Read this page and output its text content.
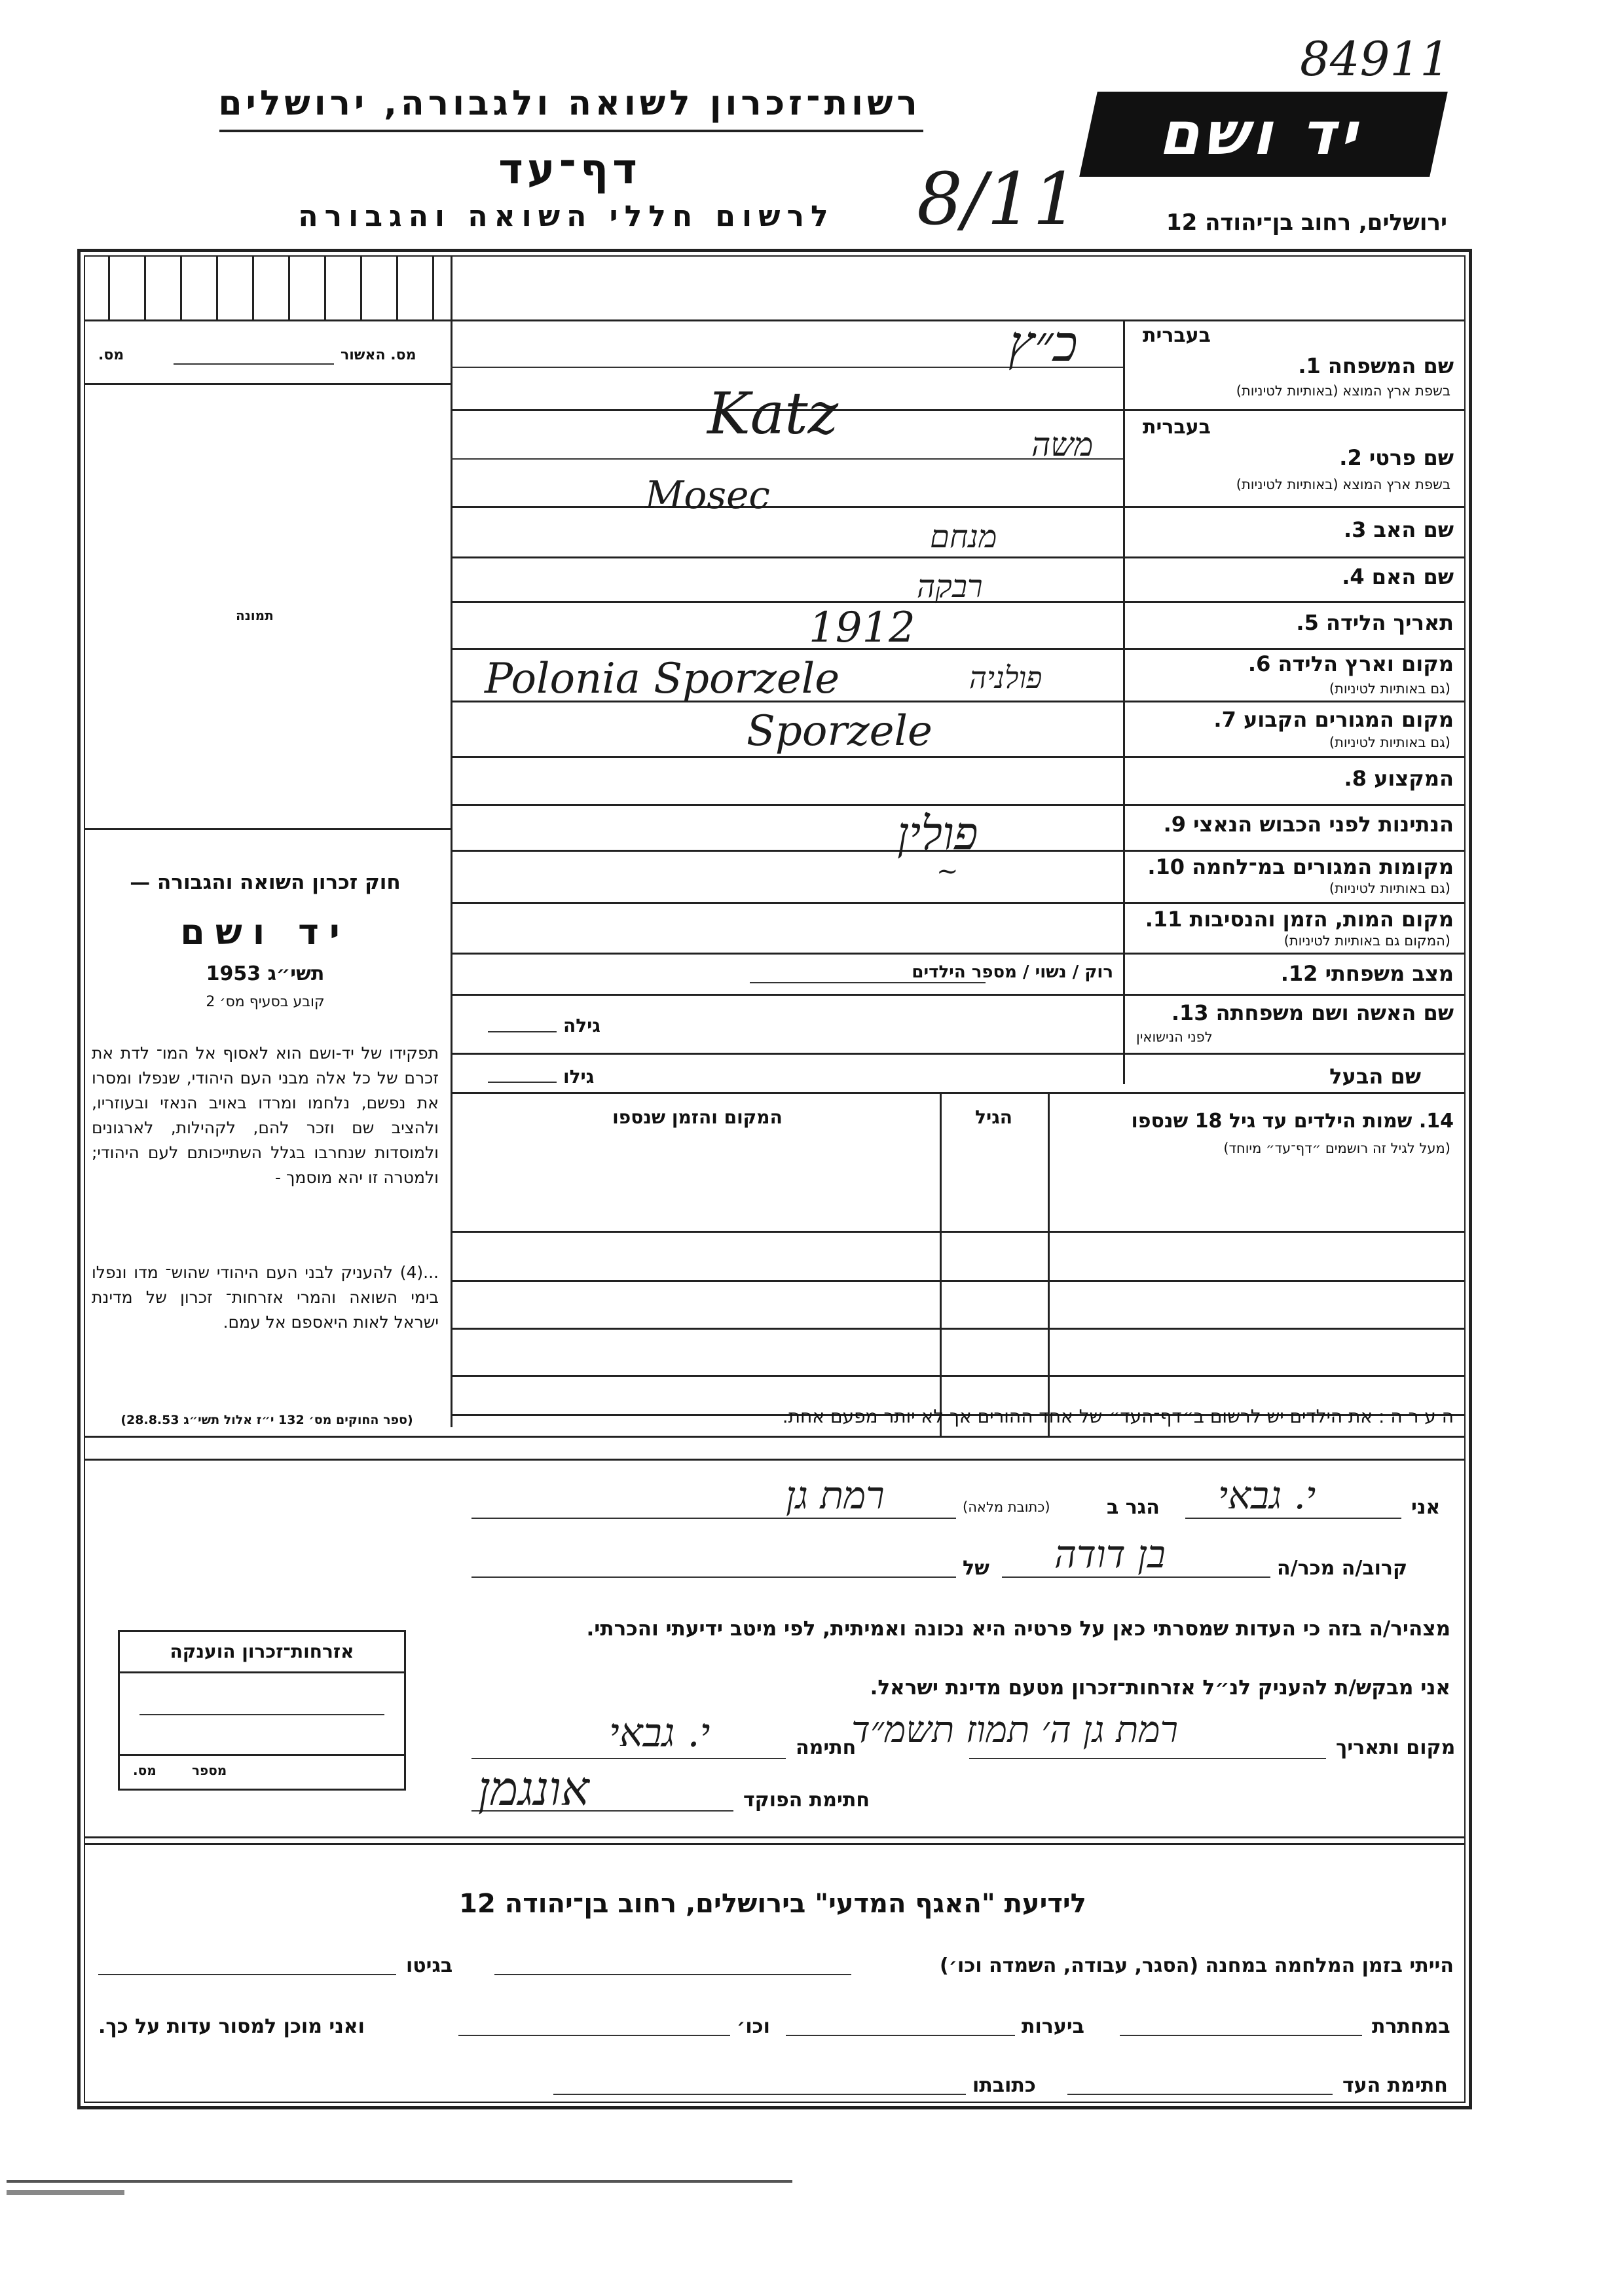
84911
רשות־זכרון לשואה ולגבורה, ירושלים
דף־עד
לרשום חללי השואה והגבורה 8/11
יד ושם
ירושלים, רחוב בן־יהודה 12
מס. האשור
מס.
תמונה
חוק זכרון השואה והגבורה —
יד ושם
תשי״ג 1953
קובע בסעיף מס׳ 2
תפקידו של יד-ושם הוא לאסוף אל המו־ לדת את זכרם של כל אלה מבני העם היהודי, שנפלו ומסרו את נפשם, נלחמו ומרדו באויב הנאזי ובעוזריו, ולהציב שם וזכר להם, לקהילות, לארגונים ולמוסדות שנחרבו בגלל השתייכותם לעם היהודי; ולמטרה זו יהא מוסמך -
...(4) להעניק לבני העם היהודי שהוש־ מדו ונפלו בימי השואה והמרי אזרחות־ זכרון של מדינת ישראל לאות היאספם אל עמם.
(ספר החוקים מס׳ 132 י״ז אלול תשי״ג 28.8.53)
בעברית
שם המשפחה 1.
בשפת ארץ המוצא (באותיות לטיניות)
כ״ץ
Katz	בעברית
שם פרטי 2.
בשפת ארץ המוצא (באותיות לטיניות)
משה
Mosec
שם האב 3.
מנחם
שם האם 4.
רבקה
תאריך הלידה 5.
1912
מקום וארץ הלידה 6.
(גם באותיות לטיניות)
Polonia Sporzele	פולניה
מקום המגורים הקבוע 7.
(גם באותיות לטיניות)
Sporzele
המקצוע 8.
הנתינות לפני הכבוש הנאצי 9.
פולין
מקומות המגורים במ־לחמה 10.
(גם באותיות לטיניות)
~
מקום המות, הזמן והנסיבות 11.
(המקום גם באותיות לטיניות)
מצב משפחתי 12.
רוק / נשוי / מספר הילדים
שם האשה ושם משפחתה 13.
לפני הנישואין
גילה
שם הבעל
גילו
14. שמות הילדים עד גיל 18 שנספו
(מעל לגיל זה רושמים ״דף־עד״ מיוחד)
הגיל
המקום והזמן שנספו
ה ע ר ה : את הילדים יש לרשום ב״דף־העד״ של אחד ההורים אך לא יותר מפעם אחת.
אני
י. גבאי
הגר ב
(כתובת מלאה)
רמת גן
קרוב/ה מכר/ה
בן דודה
של
מצהיר/ה בזה כי העדות שמסרתי כאן על פרטיה היא נכונה ואמיתית, לפי מיטב ידיעתי והכרתי.
אני מבקש/ת להעניק לנ״ל אזרחות־זכרון מטעם מדינת ישראל.
מקום ותאריך
רמת גן ה׳ תמוז תשמ״ד
חתימה
י. גבאי
חתימת הפוקד
אונגמן
אזרחות־זכרון הוענקה
מספר
מס.
לידיעת "האגף המדעי" בירושלים, רחוב בן־יהודה 12
הייתי בזמן המלחמה במחנה (הסגר, עבודה, השמדה וכו׳)
בגיטו
במחתרת
ביערות
וכו׳
ואני מוכן למסור עדות על כך.
חתימת העד
כתובתו
